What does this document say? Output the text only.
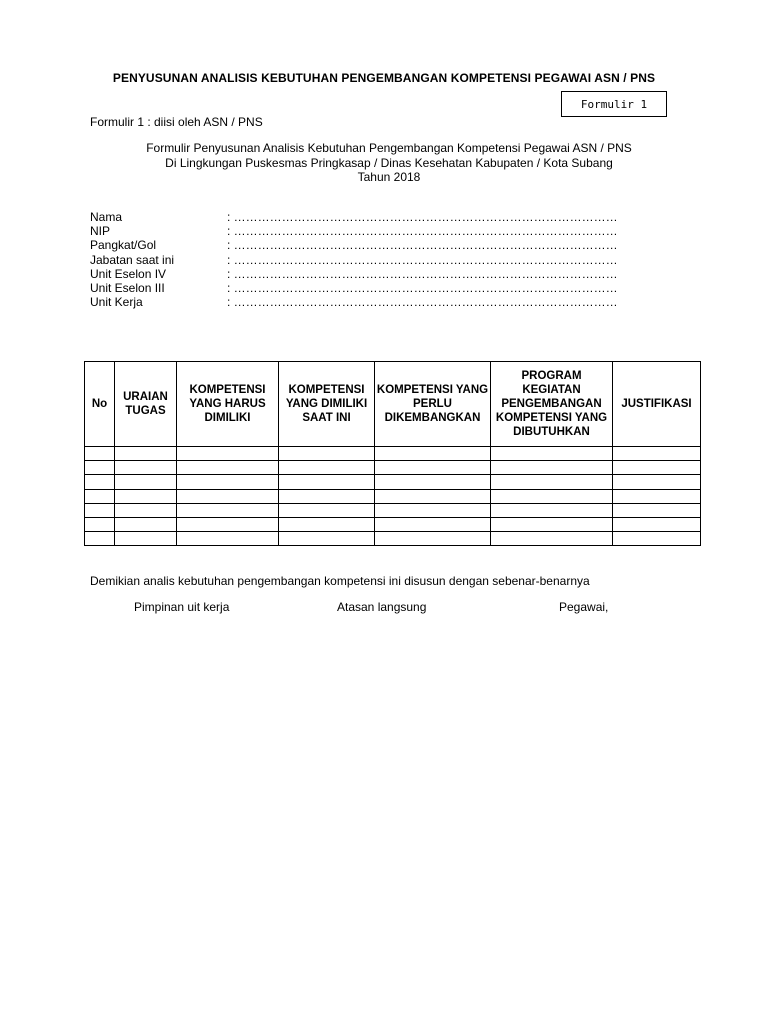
PENYUSUNAN ANALISIS KEBUTUHAN PENGEMBANGAN KOMPETENSI PEGAWAI ASN / PNS
Formulir 1
Formulir 1 : diisi oleh ASN / PNS
Formulir Penyusunan Analisis Kebutuhan Pengembangan Kompetensi Pegawai ASN / PNS
Di Lingkungan Puskesmas Pringkasap / Dinas Kesehatan Kabupaten / Kota Subang
Tahun 2018
Nama	: ……………………………………………………………………………………
NIP	: ……………………………………………………………………………………
Pangkat/Gol	: ……………………………………………………………………………………
Jabatan saat ini	: ……………………………………………………………………………………
Unit Eselon IV	: ……………………………………………………………………………………
Unit Eselon III	: ……………………………………………………………………………………
Unit Kerja	: ……………………………………………………………………………………
No	URAIAN TUGAS	KOMPETENSI YANG HARUS DIMILIKI	KOMPETENSI YANG DIMILIKI SAAT INI	KOMPETENSI YANG PERLU DIKEMBANGKAN	PROGRAM KEGIATAN PENGEMBANGAN KOMPETENSI YANG DIBUTUHKAN	JUSTIFIKASI

Demikian analis kebutuhan pengembangan kompetensi ini disusun dengan sebenar-benarnya
Pimpinan uit kerja	Atasan langsung	Pegawai,
